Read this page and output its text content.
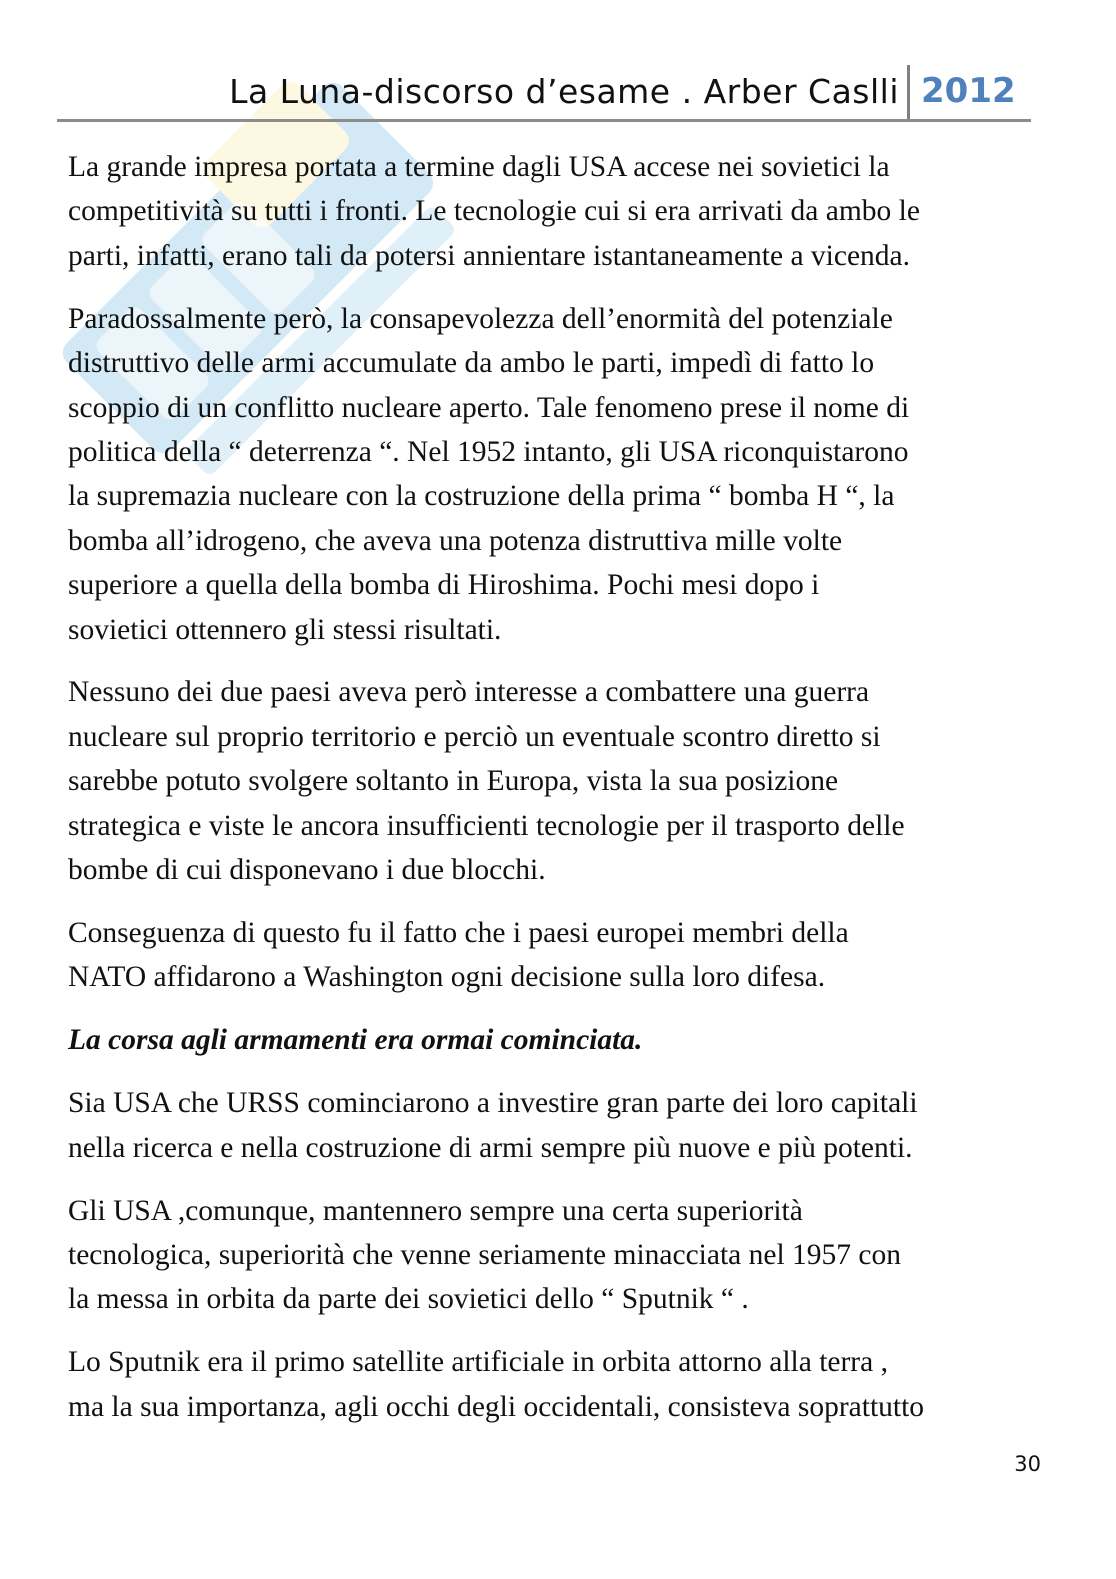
La Luna-discorso d’esame . Arber Caslli 2012

La grande impresa portata a termine dagli USA accese nei sovietici la
competitività su tutti i fronti. Le tecnologie cui si era arrivati da ambo le
parti, infatti, erano tali da potersi annientare istantaneamente a vicenda.

Paradossalmente però, la consapevolezza dell’enormità del potenziale
distruttivo delle armi accumulate da ambo le parti, impedì di fatto lo
scoppio di un conflitto nucleare aperto. Tale fenomeno prese il nome di
politica della “ deterrenza “. Nel 1952 intanto, gli USA riconquistarono
la supremazia nucleare con la costruzione della prima “ bomba H “, la
bomba all’idrogeno, che aveva una potenza distruttiva mille volte
superiore a quella della bomba di Hiroshima. Pochi mesi dopo i
sovietici ottennero gli stessi risultati.

Nessuno dei due paesi aveva però interesse a combattere una guerra
nucleare sul proprio territorio e perciò un eventuale scontro diretto si
sarebbe potuto svolgere soltanto in Europa, vista la sua posizione
strategica e viste le ancora insufficienti tecnologie per il trasporto delle
bombe di cui disponevano i due blocchi.

Conseguenza di questo fu il fatto che i paesi europei membri della
NATO affidarono a Washington ogni decisione sulla loro difesa.

La corsa agli armamenti era ormai cominciata.

Sia USA che URSS cominciarono a investire gran parte dei loro capitali
nella ricerca e nella costruzione di armi sempre più nuove e più potenti.

Gli USA ,comunque, mantennero sempre una certa superiorità
tecnologica, superiorità che venne seriamente minacciata nel 1957 con
la messa in orbita da parte dei sovietici dello “ Sputnik “ .

Lo Sputnik era il primo satellite artificiale in orbita attorno alla terra ,
ma la sua importanza, agli occhi degli occidentali, consisteva soprattutto

30
